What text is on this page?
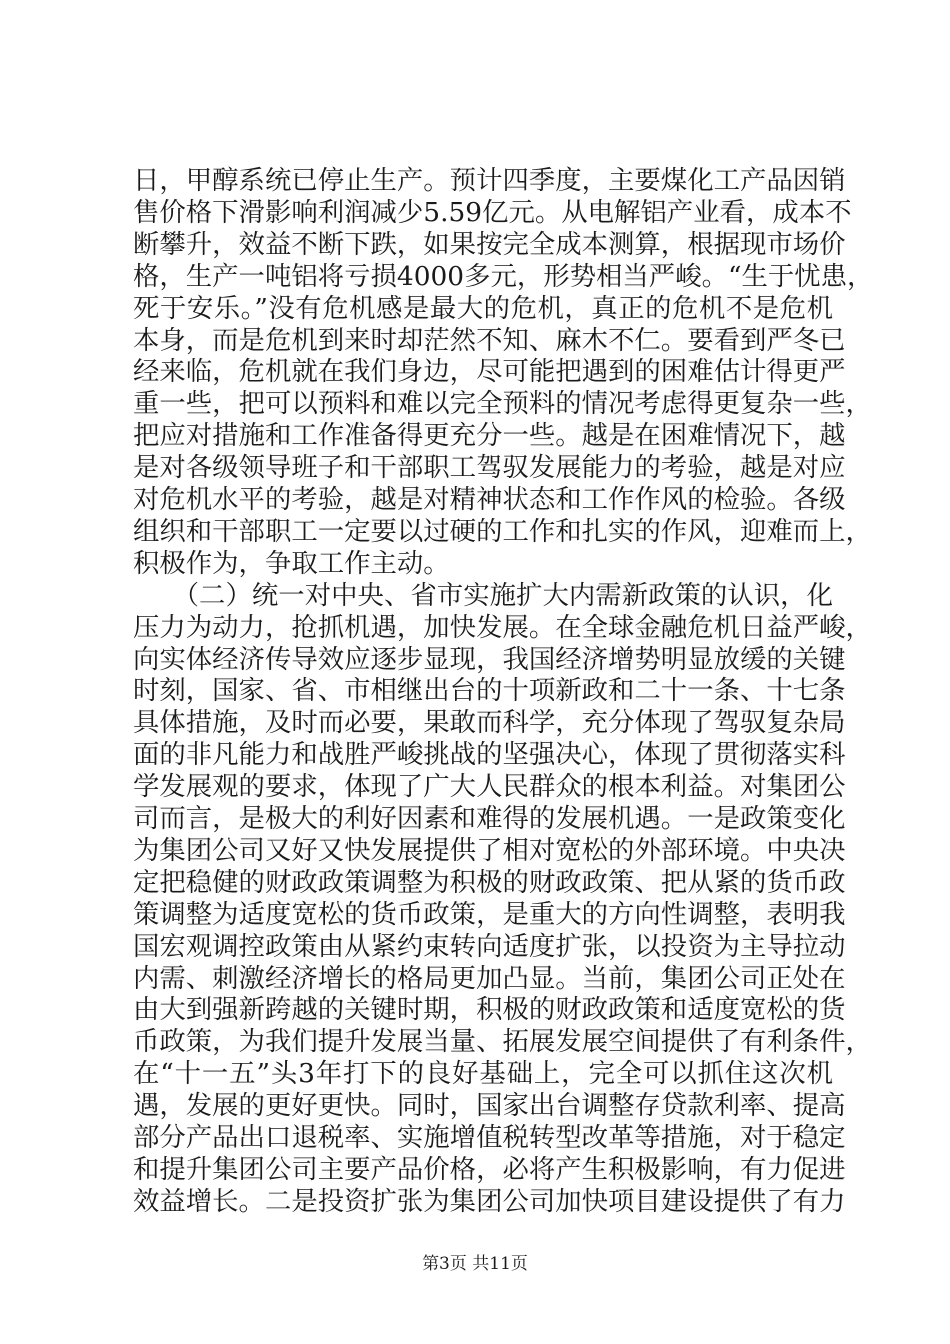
日，甲醇系统已停止生产。预计四季度，主要煤化工产品因销
售价格下滑影响利润减少5.59亿元。从电解铝产业看，成本不
断攀升，效益不断下跌，如果按完全成本测算，根据现市场价
格，生产一吨铝将亏损4000多元，形势相当严峻。“生于忧患，
死于安乐。”没有危机感是最大的危机，真正的危机不是危机
本身，而是危机到来时却茫然不知、麻木不仁。要看到严冬已
经来临，危机就在我们身边，尽可能把遇到的困难估计得更严
重一些，把可以预料和难以完全预料的情况考虑得更复杂一些，
把应对措施和工作准备得更充分一些。越是在困难情况下，越
是对各级领导班子和干部职工驾驭发展能力的考验，越是对应
对危机水平的考验，越是对精神状态和工作作风的检验。各级
组织和干部职工一定要以过硬的工作和扎实的作风，迎难而上，
积极作为，争取工作主动。
　　（二）统一对中央、省市实施扩大内需新政策的认识，化
压力为动力，抢抓机遇，加快发展。在全球金融危机日益严峻，
向实体经济传导效应逐步显现，我国经济增势明显放缓的关键
时刻，国家、省、市相继出台的十项新政和二十一条、十七条
具体措施，及时而必要，果敢而科学，充分体现了驾驭复杂局
面的非凡能力和战胜严峻挑战的坚强决心，体现了贯彻落实科
学发展观的要求，体现了广大人民群众的根本利益。对集团公
司而言，是极大的利好因素和难得的发展机遇。一是政策变化
为集团公司又好又快发展提供了相对宽松的外部环境。中央决
定把稳健的财政政策调整为积极的财政政策、把从紧的货币政
策调整为适度宽松的货币政策，是重大的方向性调整，表明我
国宏观调控政策由从紧约束转向适度扩张，以投资为主导拉动
内需、刺激经济增长的格局更加凸显。当前，集团公司正处在
由大到强新跨越的关键时期，积极的财政政策和适度宽松的货
币政策，为我们提升发展当量、拓展发展空间提供了有利条件，
在“十一五”头3年打下的良好基础上，完全可以抓住这次机
遇，发展的更好更快。同时，国家出台调整存贷款利率、提高
部分产品出口退税率、实施增值税转型改革等措施，对于稳定
和提升集团公司主要产品价格，必将产生积极影响，有力促进
效益增长。二是投资扩张为集团公司加快项目建设提供了有力
第3页 共11页
